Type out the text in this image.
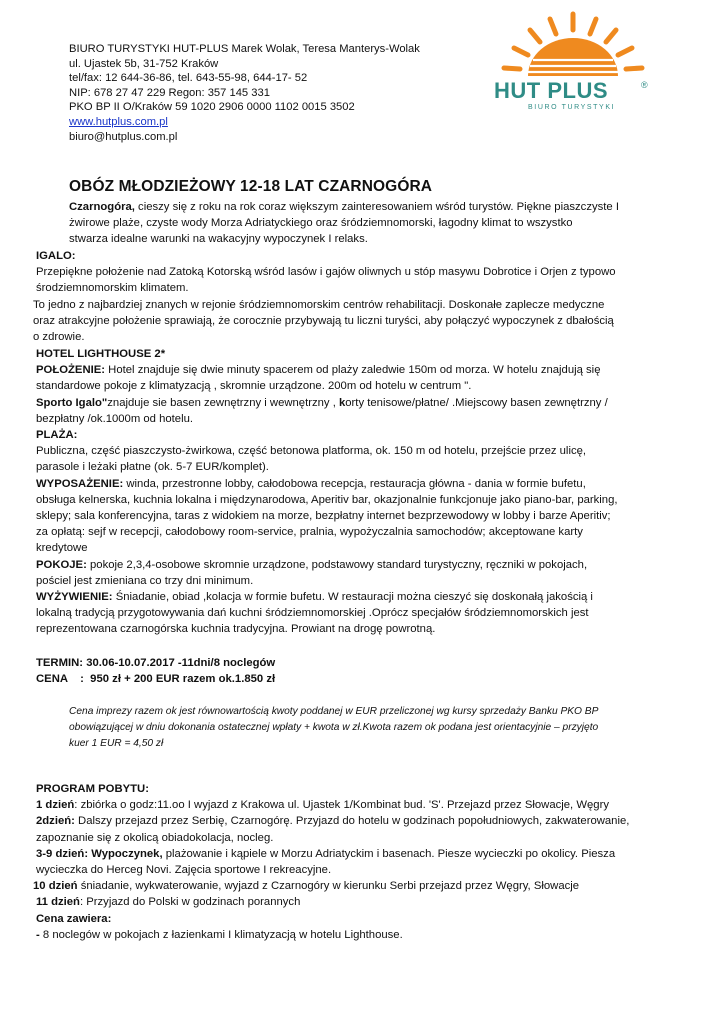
BIURO TURYSTYKI HUT-PLUS Marek Wolak, Teresa Manterys-Wolak
ul. Ujastek 5b, 31-752 Kraków
tel/fax: 12 644-36-86, tel. 643-55-98, 644-17- 52
NIP: 678 27 47 229 Regon: 357 145 331
PKO BP II O/Kraków 59 1020 2906 0000 1102 0015 3502
www.hutplus.com.pl
biuro@hutplus.com.pl
HUT PLUS	®
BIURO TURYSTYKI
OBÓZ MŁODZIEŻOWY 12-18 LAT CZARNOGÓRA
Czarnogóra, cieszy się z roku na rok coraz większym zainteresowaniem wśród turystów. Piękne piaszczyste I
żwirowe plaże, czyste wody Morza Adriatyckiego oraz śródziemnomorski, łagodny klimat to wszystko
stwarza idealne warunki na wakacyjny wypoczynek I relaks.
IGALO:
Przepiękne położenie nad Zatoką Kotorską wśród lasów i gajów oliwnych u stóp masywu Dobrotice i Orjen z typowo
środziemnomorskim klimatem.
To jedno z najbardziej znanych w rejonie śródziemnomorskim centrów rehabilitacji. Doskonałe zaplecze medyczne
oraz atrakcyjne położenie sprawiają, że corocznie przybywają tu liczni turyści, aby połączyć wypoczynek z dbałością
o zdrowie.
HOTEL LIGHTHOUSE 2*
POŁOŻENIE: Hotel znajduje się dwie minuty spacerem od plaży zaledwie 150m od morza. W hotelu znajdują się
standardowe pokoje z klimatyzacją , skromnie urządzone. 200m od hotelu w centrum ".
Sporto Igalo"znajduje sie basen zewnętrzny i wewnętrzny , korty tenisowe/płatne/ .Miejscowy basen zewnętrzny /
bezpłatny /ok.1000m od hotelu.
PLAŻA:
Publiczna, część piaszczysto-żwirkowa, część betonowa platforma, ok. 150 m od hotelu, przejście przez ulicę,
parasole i leżaki płatne (ok. 5-7 EUR/komplet).
WYPOSAŻENIE: winda, przestronne lobby, całodobowa recepcja, restauracja główna - dania w formie bufetu,
obsługa kelnerska, kuchnia lokalna i międzynarodowa, Aperitiv bar, okazjonalnie funkcjonuje jako piano-bar, parking,
sklepy; sala konferencyjna, taras z widokiem na morze, bezpłatny internet bezprzewodowy w lobby i barze Aperitiv;
za opłatą: sejf w recepcji, całodobowy room-service, pralnia, wypożyczalnia samochodów; akceptowane karty
kredytowe
POKOJE: pokoje 2,3,4-osobowe skromnie urządzone, podstawowy standard turystyczny, ręczniki w pokojach,
pościel jest zmieniana co trzy dni minimum.
WYŻYWIENIE: Śniadanie, obiad ,kolacja w formie bufetu. W restauracji można cieszyć się doskonałą jakością i
lokalną tradycją przygotowywania dań kuchni śródziemnomorskiej .Oprócz specjałów śródziemnomorskich jest
reprezentowana czarnogórska kuchnia tradycyjna. Prowiant na drogę powrotną.
TERMIN: 30.06-10.07.2017 -11dni/8 noclegów
CENA    :  950 zł + 200 EUR razem ok.1.850 zł
Cena imprezy razem ok jest równowartością kwoty poddanej w EUR przeliczonej wg kursy sprzedaży Banku PKO BP
obowiązującej w dniu dokonania ostatecznej wpłaty + kwota w zł.Kwota razem ok podana jest orientacyjnie – przyjęto
kuer 1 EUR = 4,50 zł
PROGRAM POBYTU:
1 dzień: zbiórka o godz:11.oo I wyjazd z Krakowa ul. Ujastek 1/Kombinat bud. 'S'. Przejazd przez Słowacje, Węgry
2dzień: Dalszy przejazd przez Serbię, Czarnogórę. Przyjazd do hotelu w godzinach popołudniowych, zakwaterowanie,
zapoznanie się z okolicą obiadokolacja, nocleg.
3-9 dzień: Wypoczynek, plażowanie i kąpiele w Morzu Adriatyckim i basenach. Piesze wycieczki po okolicy. Piesza
wycieczka do Herceg Novi. Zajęcia sportowe I rekreacyjne.
10 dzień śniadanie, wykwaterowanie, wyjazd z Czarnogóry w kierunku Serbi przejazd przez Węgry, Słowacje
11 dzień: Przyjazd do Polski w godzinach porannych
Cena zawiera:
- 8 noclegów w pokojach z łazienkami I klimatyzacją w hotelu Lighthouse.
